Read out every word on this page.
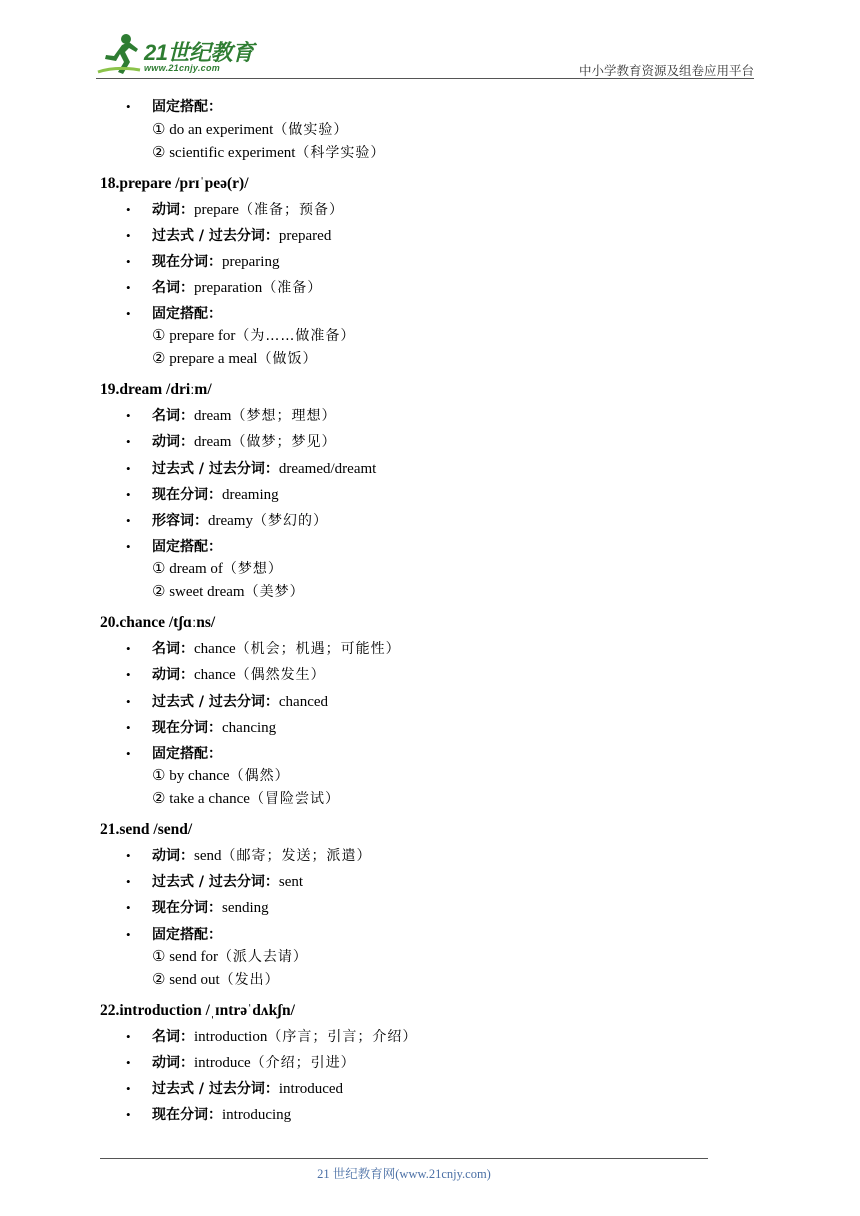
21世纪教育
www.21cnjy.com	中小学教育资源及组卷应用平台
• 固定搭配：
① do an experiment（做实验）
② scientific experiment（科学实验）
18.prepare /prɪˈpeə(r)/
• 动词：prepare（准备；预备）
• 过去式 / 过去分词：prepared
• 现在分词：preparing
• 名词：preparation（准备）
• 固定搭配：
① prepare for（为……做准备）
② prepare a meal（做饭）
19.dream /driːm/
• 名词：dream（梦想；理想）
• 动词：dream（做梦；梦见）
• 过去式 / 过去分词：dreamed/dreamt
• 现在分词：dreaming
• 形容词：dreamy（梦幻的）
• 固定搭配：
① dream of（梦想）
② sweet dream（美梦）
20.chance /tʃɑːns/
• 名词：chance（机会；机遇；可能性）
• 动词：chance（偶然发生）
• 过去式 / 过去分词：chanced
• 现在分词：chancing
• 固定搭配：
① by chance（偶然）
② take a chance（冒险尝试）
21.send /send/
• 动词：send（邮寄；发送；派遣）
• 过去式 / 过去分词：sent
• 现在分词：sending
• 固定搭配：
① send for（派人去请）
② send out（发出）
22.introduction /ˌɪntrəˈdʌkʃn/
• 名词：introduction（序言；引言；介绍）
• 动词：introduce（介绍；引进）
• 过去式 / 过去分词：introduced
• 现在分词：introducing
21 世纪教育网(www.21cnjy.com)
